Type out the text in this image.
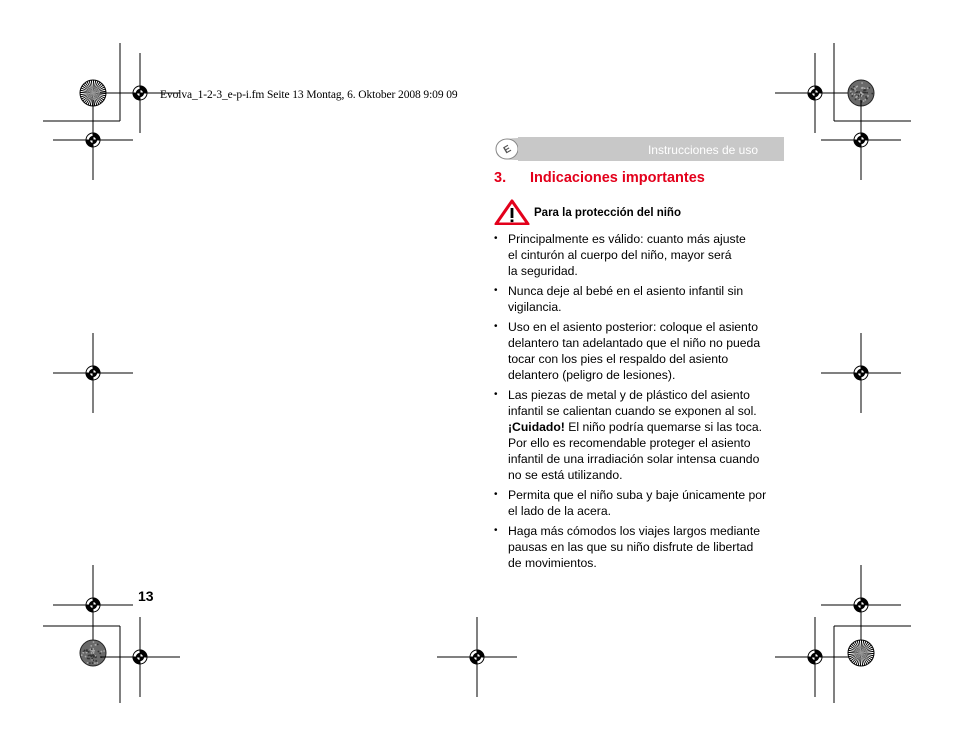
Evolva_1-2-3_e-p-i.fm Seite 13 Montag, 6. Oktober 2008 9:09 09
E	Instrucciones de uso
3. Indicaciones importantes
Para la protección del niño
• Principalmente es válido: cuanto más ajuste
el cinturón al cuerpo del niño, mayor será
la seguridad.
• Nunca deje al bebé en el asiento infantil sin
vigilancia.
• Uso en el asiento posterior: coloque el asiento
delantero tan adelantado que el niño no pueda
tocar con los pies el respaldo del asiento
delantero (peligro de lesiones).
• Las piezas de metal y de plástico del asiento
infantil se calientan cuando se exponen al sol.
¡Cuidado! El niño podría quemarse si las toca.
Por ello es recomendable proteger el asiento
infantil de una irradiación solar intensa cuando
no se está utilizando.
• Permita que el niño suba y baje únicamente por
el lado de la acera.
• Haga más cómodos los viajes largos mediante
pausas en las que su niño disfrute de libertad
de movimientos.
13
